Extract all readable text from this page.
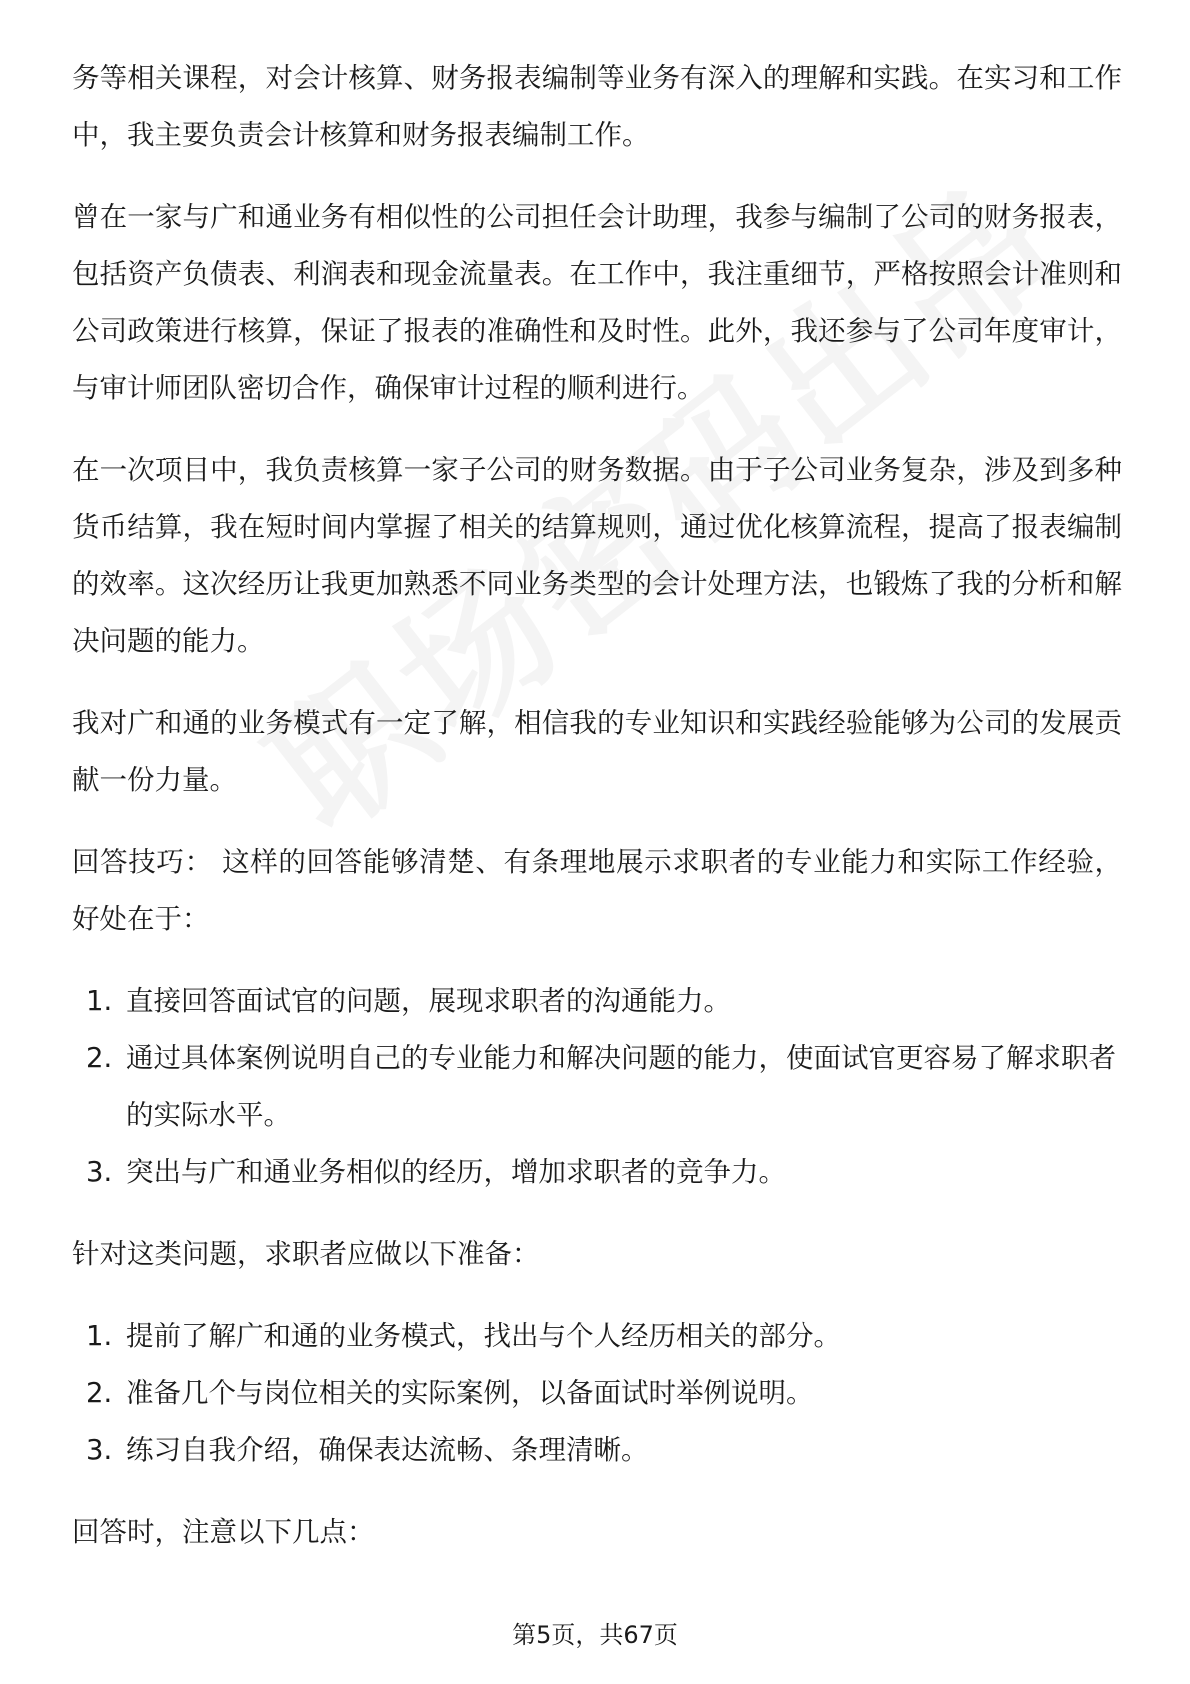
务等相关课程，对会计核算、财务报表编制等业务有深入的理解和实践。在实习和工作中，我主要负责会计核算和财务报表编制工作。

曾在一家与广和通业务有相似性的公司担任会计助理，我参与编制了公司的财务报表，包括资产负债表、利润表和现金流量表。在工作中，我注重细节，严格按照会计准则和公司政策进行核算，保证了报表的准确性和及时性。此外，我还参与了公司年度审计，与审计师团队密切合作，确保审计过程的顺利进行。

在一次项目中，我负责核算一家子公司的财务数据。由于子公司业务复杂，涉及到多种货币结算，我在短时间内掌握了相关的结算规则，通过优化核算流程，提高了报表编制的效率。这次经历让我更加熟悉不同业务类型的会计处理方法，也锻炼了我的分析和解决问题的能力。

我对广和通的业务模式有一定了解，相信我的专业知识和实践经验能够为公司的发展贡献一份力量。

回答技巧： 这样的回答能够清楚、有条理地展示求职者的专业能力和实际工作经验，好处在于：

1. 直接回答面试官的问题，展现求职者的沟通能力。
2. 通过具体案例说明自己的专业能力和解决问题的能力，使面试官更容易了解求职者的实际水平。
3. 突出与广和通业务相似的经历，增加求职者的竞争力。

针对这类问题，求职者应做以下准备：

1. 提前了解广和通的业务模式，找出与个人经历相关的部分。
2. 准备几个与岗位相关的实际案例，以备面试时举例说明。
3. 练习自我介绍，确保表达流畅、条理清晰。

回答时，注意以下几点：

第5页，共67页
